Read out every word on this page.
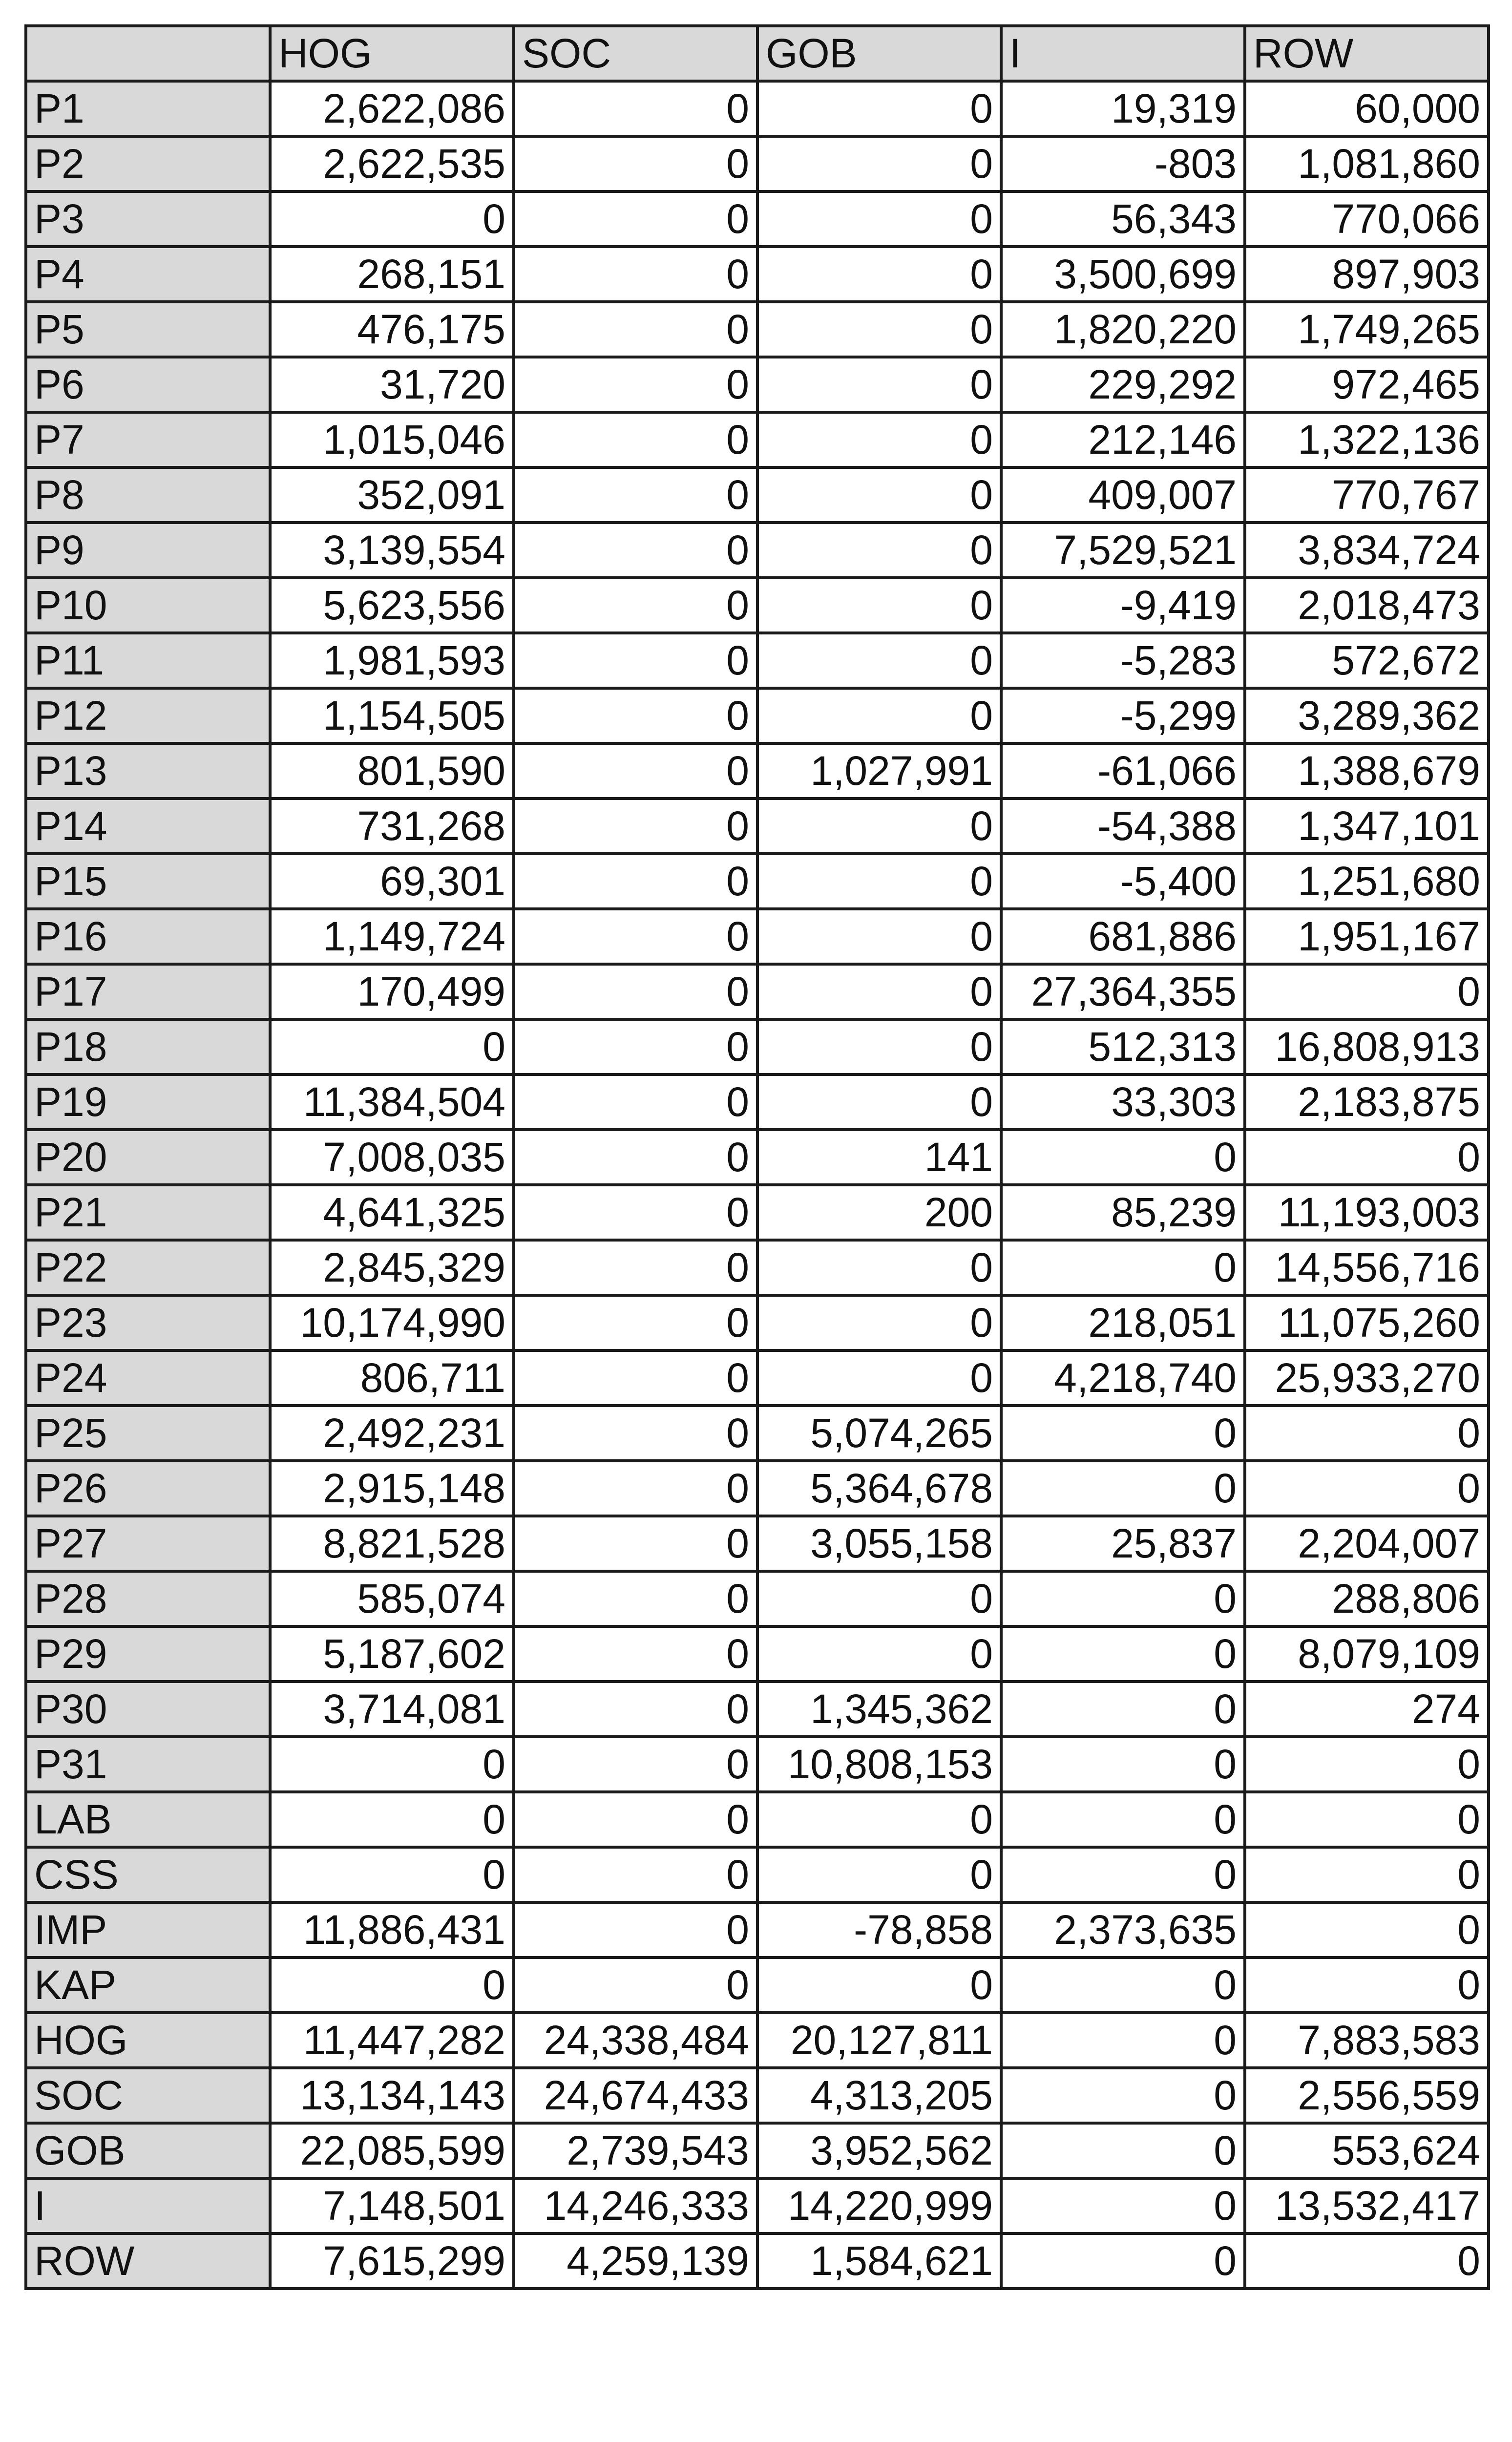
	HOG	SOC	GOB	I	ROW
P1	2,622,086	0	0	19,319	60,000
P2	2,622,535	0	0	-803	1,081,860
P3	0	0	0	56,343	770,066
P4	268,151	0	0	3,500,699	897,903
P5	476,175	0	0	1,820,220	1,749,265
P6	31,720	0	0	229,292	972,465
P7	1,015,046	0	0	212,146	1,322,136
P8	352,091	0	0	409,007	770,767
P9	3,139,554	0	0	7,529,521	3,834,724
P10	5,623,556	0	0	-9,419	2,018,473
P11	1,981,593	0	0	-5,283	572,672
P12	1,154,505	0	0	-5,299	3,289,362
P13	801,590	0	1,027,991	-61,066	1,388,679
P14	731,268	0	0	-54,388	1,347,101
P15	69,301	0	0	-5,400	1,251,680
P16	1,149,724	0	0	681,886	1,951,167
P17	170,499	0	0	27,364,355	0
P18	0	0	0	512,313	16,808,913
P19	11,384,504	0	0	33,303	2,183,875
P20	7,008,035	0	141	0	0
P21	4,641,325	0	200	85,239	11,193,003
P22	2,845,329	0	0	0	14,556,716
P23	10,174,990	0	0	218,051	11,075,260
P24	806,711	0	0	4,218,740	25,933,270
P25	2,492,231	0	5,074,265	0	0
P26	2,915,148	0	5,364,678	0	0
P27	8,821,528	0	3,055,158	25,837	2,204,007
P28	585,074	0	0	0	288,806
P29	5,187,602	0	0	0	8,079,109
P30	3,714,081	0	1,345,362	0	274
P31	0	0	10,808,153	0	0
LAB	0	0	0	0	0
CSS	0	0	0	0	0
IMP	11,886,431	0	-78,858	2,373,635	0
KAP	0	0	0	0	0
HOG	11,447,282	24,338,484	20,127,811	0	7,883,583
SOC	13,134,143	24,674,433	4,313,205	0	2,556,559
GOB	22,085,599	2,739,543	3,952,562	0	553,624
I	7,148,501	14,246,333	14,220,999	0	13,532,417
ROW	7,615,299	4,259,139	1,584,621	0	0
